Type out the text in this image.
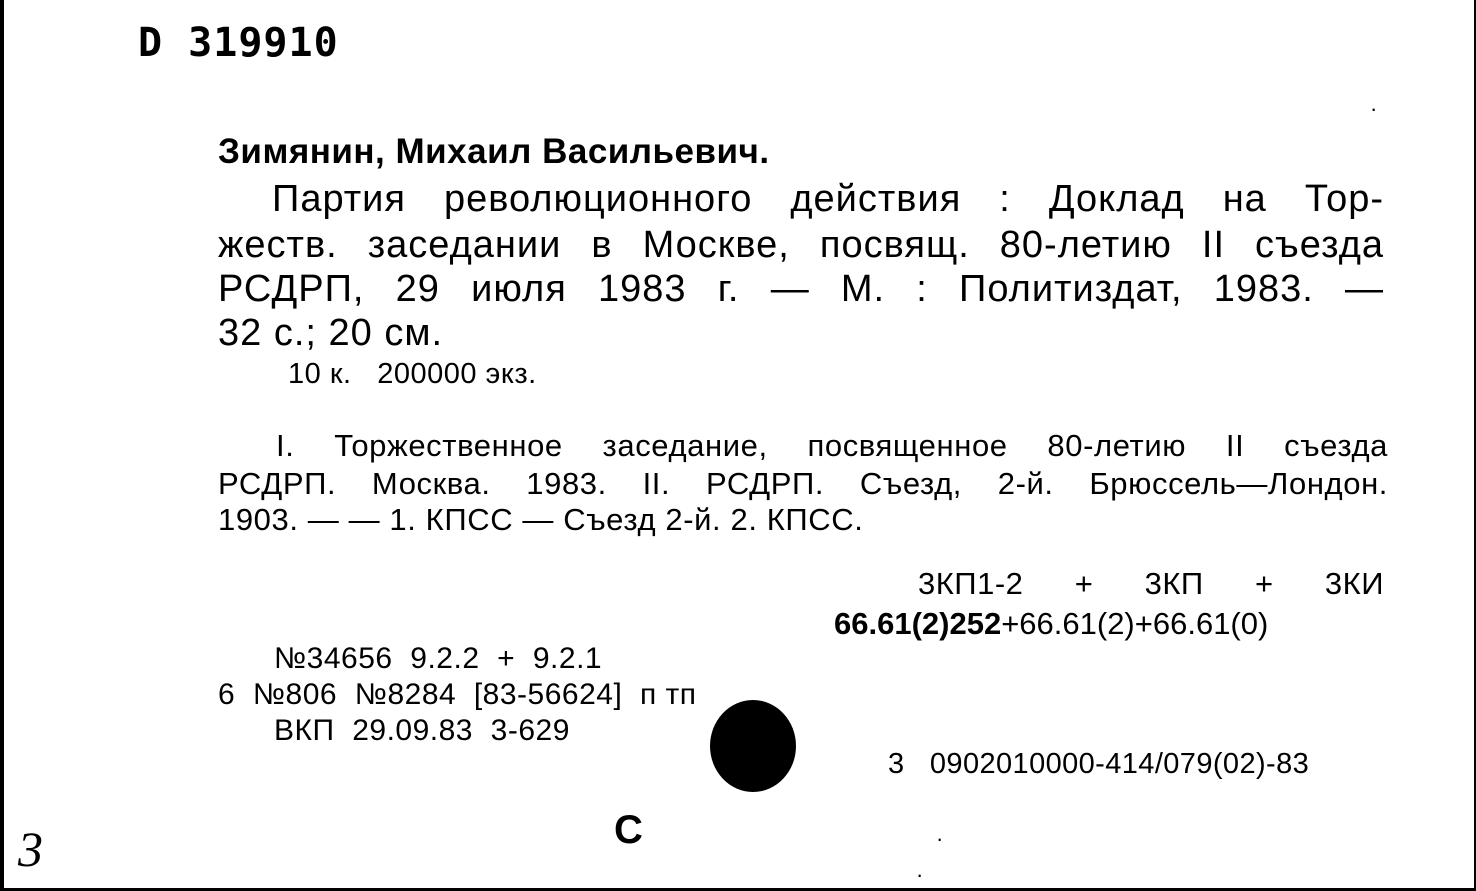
D 319910
Зимянин, Михаил Васильевич.
Партия революционного действия : Доклад на Тор-
жеств. заседании в Москве, посвящ. 80-летию II съезда
РСДРП, 29 июля 1983 г. — М. : Политиздат, 1983. —
32 с.; 20 см.
10 к.   200000 экз.
I. Торжественное заседание, посвященное 80-летию II съезда
РСДРП. Москва. 1983. II. РСДРП. Съезд, 2-й. Брюссель—Лондон.
1903. — — 1. КПСС — Съезд 2-й. 2. КПСС.
3КП1-2 + 3КП + 3КИ
66.61(2)252+66.61(2)+66.61(0)
№34656  9.2.2  +  9.2.1
6  №806  №8284  [83-56624]  п тп
ВКП  29.09.83  3-629
3   0902010000-414/079(02)-83
3	C
·
·
·
